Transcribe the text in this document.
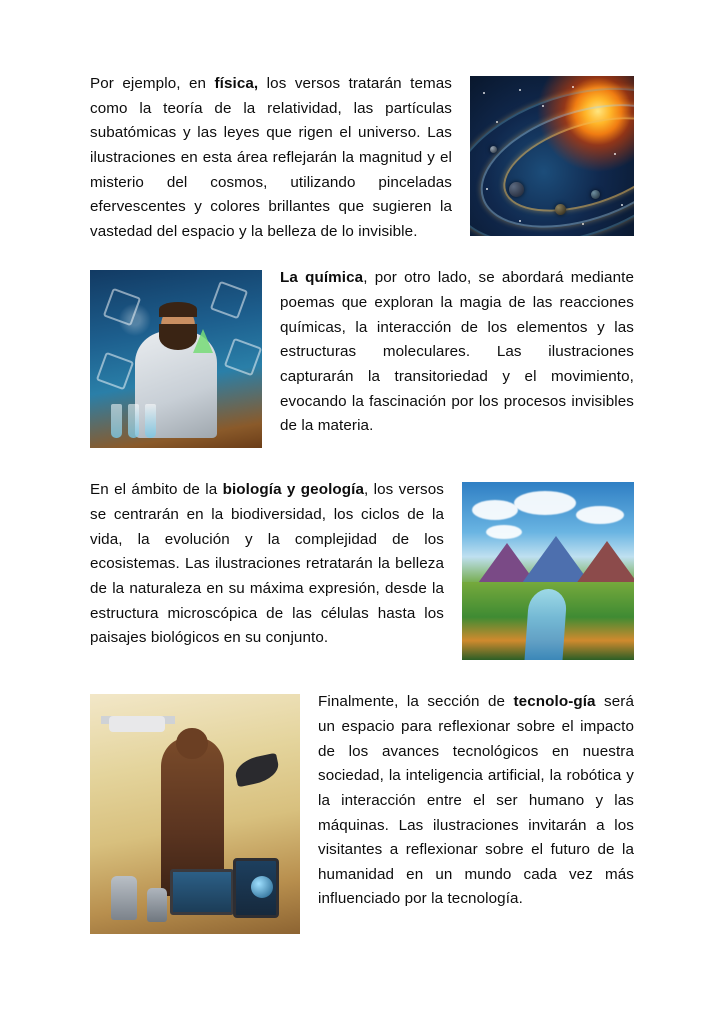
Por ejemplo, en física, los versos tratarán temas como la teoría de la relatividad, las partículas subatómicas y las leyes que rigen el universo. Las ilustraciones en esta área reflejarán la magnitud y el misterio del cosmos, utilizando pinceladas efervescentes y colores brillantes que sugieren la vastedad del espacio y la belleza de lo invisible.

La química, por otro lado, se abordará mediante poemas que exploran la magia de las reacciones químicas, la interacción de los elementos y las estructuras moleculares. Las ilustraciones capturarán la transitoriedad y el movimiento, evocando la fascinación por los procesos invisibles de la materia.

En el ámbito de la biología y geología, los versos se centrarán en la biodiversidad, los ciclos de la vida, la evolución y la complejidad de los ecosistemas. Las ilustraciones retratarán la belleza de la naturaleza en su máxima expresión, desde la estructura microscópica de las células hasta los paisajes biológicos en su conjunto.

Finalmente, la sección de tecnolo-gía será un espacio para reflexionar sobre el impacto de los avances tecnológicos en nuestra sociedad, la inteligencia artificial, la robótica y la interacción entre el ser humano y las máquinas. Las ilustraciones invitarán a los visitantes a reflexionar sobre el futuro de la humanidad en un mundo cada vez más influenciado por la tecnología.
